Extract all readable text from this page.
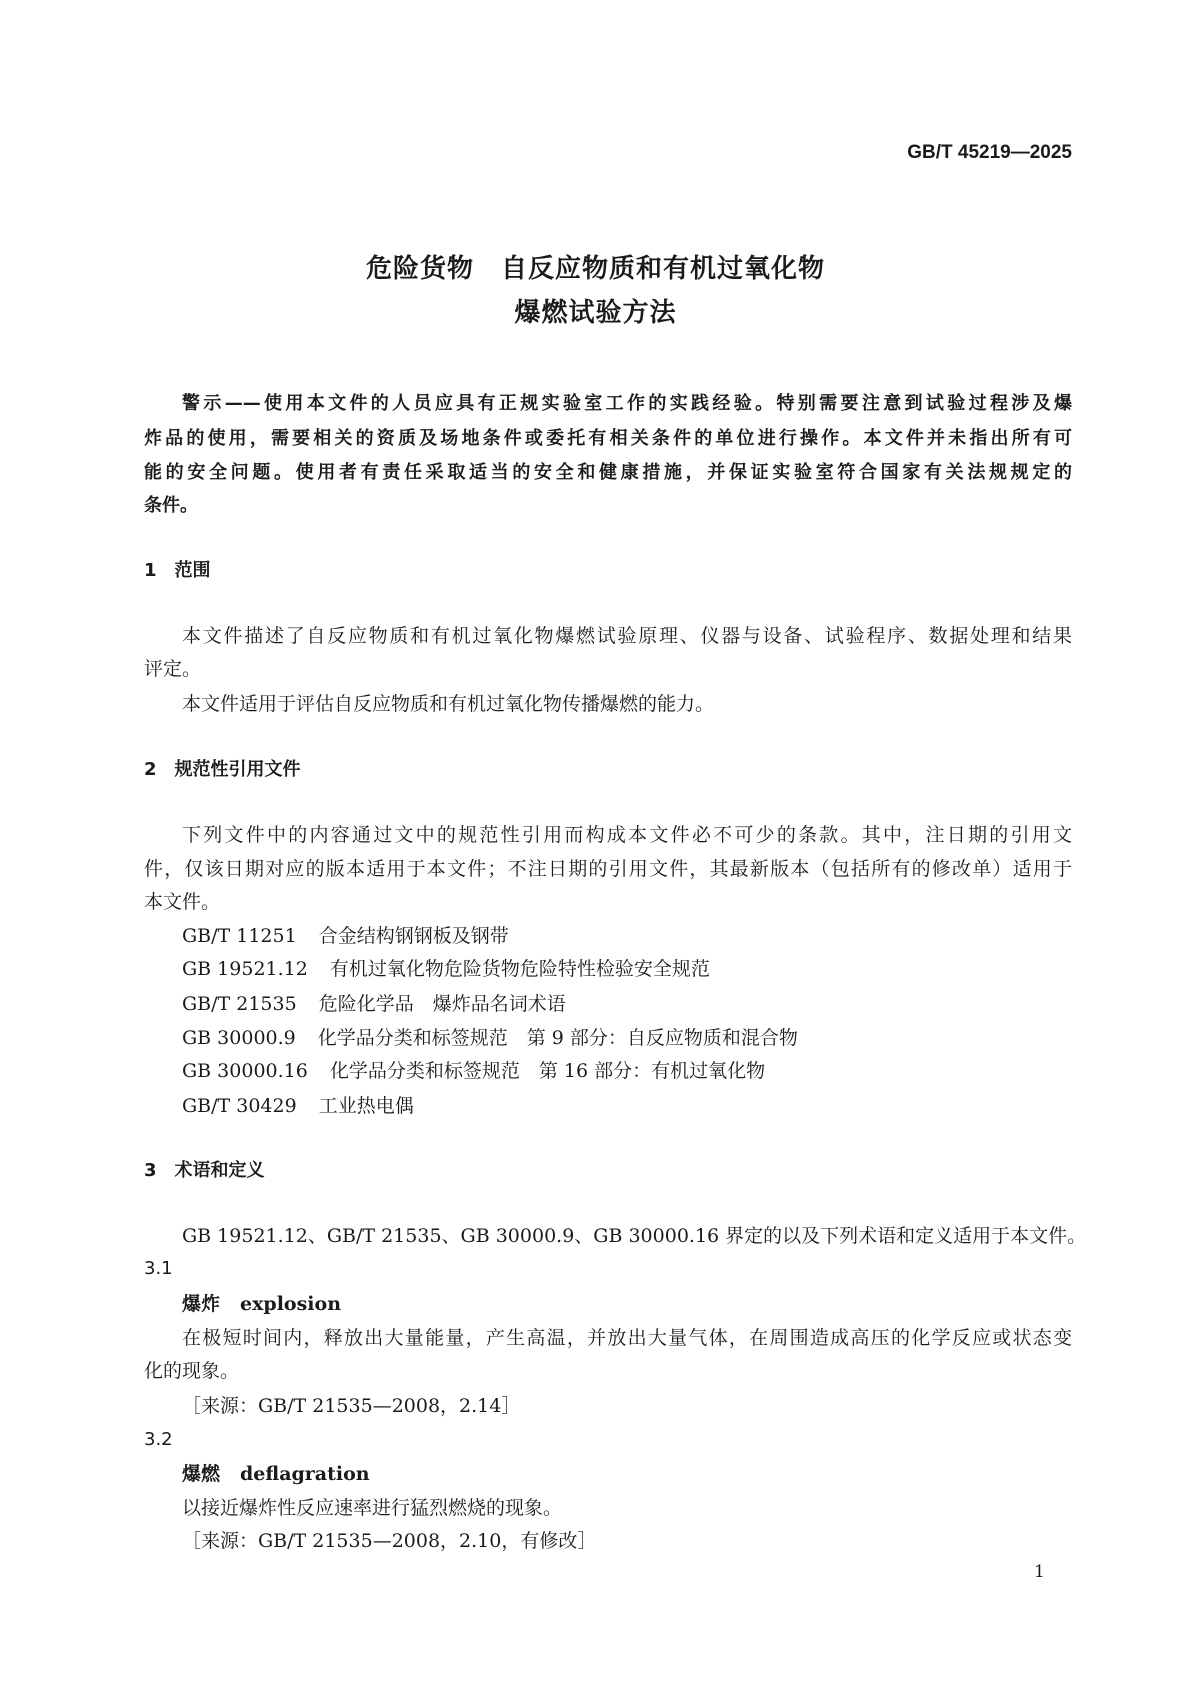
GB/T 45219—2025
危险货物　自反应物质和有机过氧化物
爆燃试验方法
警示——使用本文件的人员应具有正规实验室工作的实践经验。特别需要注意到试验过程涉及爆
炸品的使用，需要相关的资质及场地条件或委托有相关条件的单位进行操作。本文件并未指出所有可
能的安全问题。使用者有责任采取适当的安全和健康措施，并保证实验室符合国家有关法规规定的
条件。
1　范围
本文件描述了自反应物质和有机过氧化物爆燃试验原理、仪器与设备、试验程序、数据处理和结果
评定。
本文件适用于评估自反应物质和有机过氧化物传播爆燃的能力。
2　规范性引用文件
下列文件中的内容通过文中的规范性引用而构成本文件必不可少的条款。其中，注日期的引用文
件，仅该日期对应的版本适用于本文件；不注日期的引用文件，其最新版本（包括所有的修改单）适用于
本文件。
GB/T 11251 合金结构钢钢板及钢带
GB 19521.12 有机过氧化物危险货物危险特性检验安全规范
GB/T 21535 危险化学品　爆炸品名词术语
GB 30000.9 化学品分类和标签规范　第 9 部分：自反应物质和混合物
GB 30000.16 化学品分类和标签规范　第 16 部分：有机过氧化物
GB/T 30429 工业热电偶
3　术语和定义
GB 19521.12、GB/T 21535、GB 30000.9、GB 30000.16 界定的以及下列术语和定义适用于本文件。
3.1
爆炸 explosion
在极短时间内，释放出大量能量，产生高温，并放出大量气体，在周围造成高压的化学反应或状态变
化的现象。
［来源：GB/T 21535—2008，2.14］
3.2
爆燃 deflagration
以接近爆炸性反应速率进行猛烈燃烧的现象。
［来源：GB/T 21535—2008，2.10，有修改］
1
